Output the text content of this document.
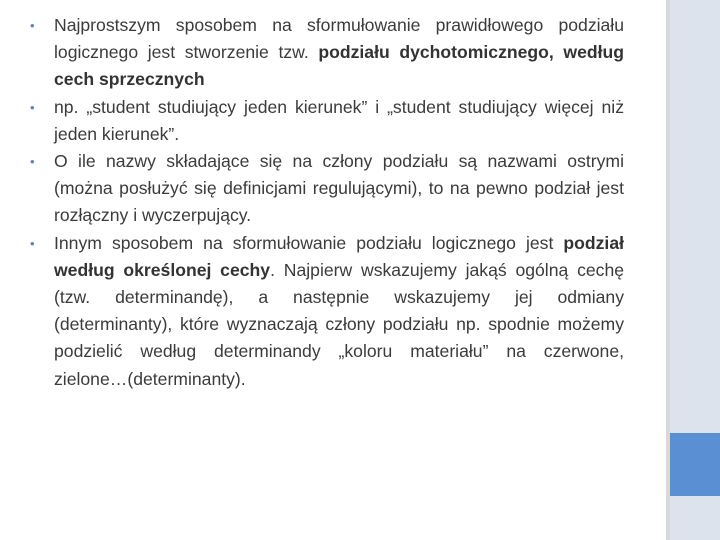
• Najprostszym sposobem na sformułowanie prawidłowego podziału logicznego jest stworzenie tzw. podziału dychotomicznego, według cech sprzecznych
• np. „student studiujący jeden kierunek” i „student studiujący więcej niż jeden kierunek”.
• O ile nazwy składające się na człony podziału są nazwami ostrymi (można posłużyć się definicjami regulującymi), to na pewno podział jest rozłączny i wyczerpujący.
• Innym sposobem na sformułowanie podziału logicznego jest podział według określonej cechy. Najpierw wskazujemy jakąś ogólną cechę (tzw. determinandę), a następnie wskazujemy jej odmiany (determinanty), które wyznaczają człony podziału np. spodnie możemy podzielić według determinandy „koloru materiału” na czerwone, zielone…(determinanty).
